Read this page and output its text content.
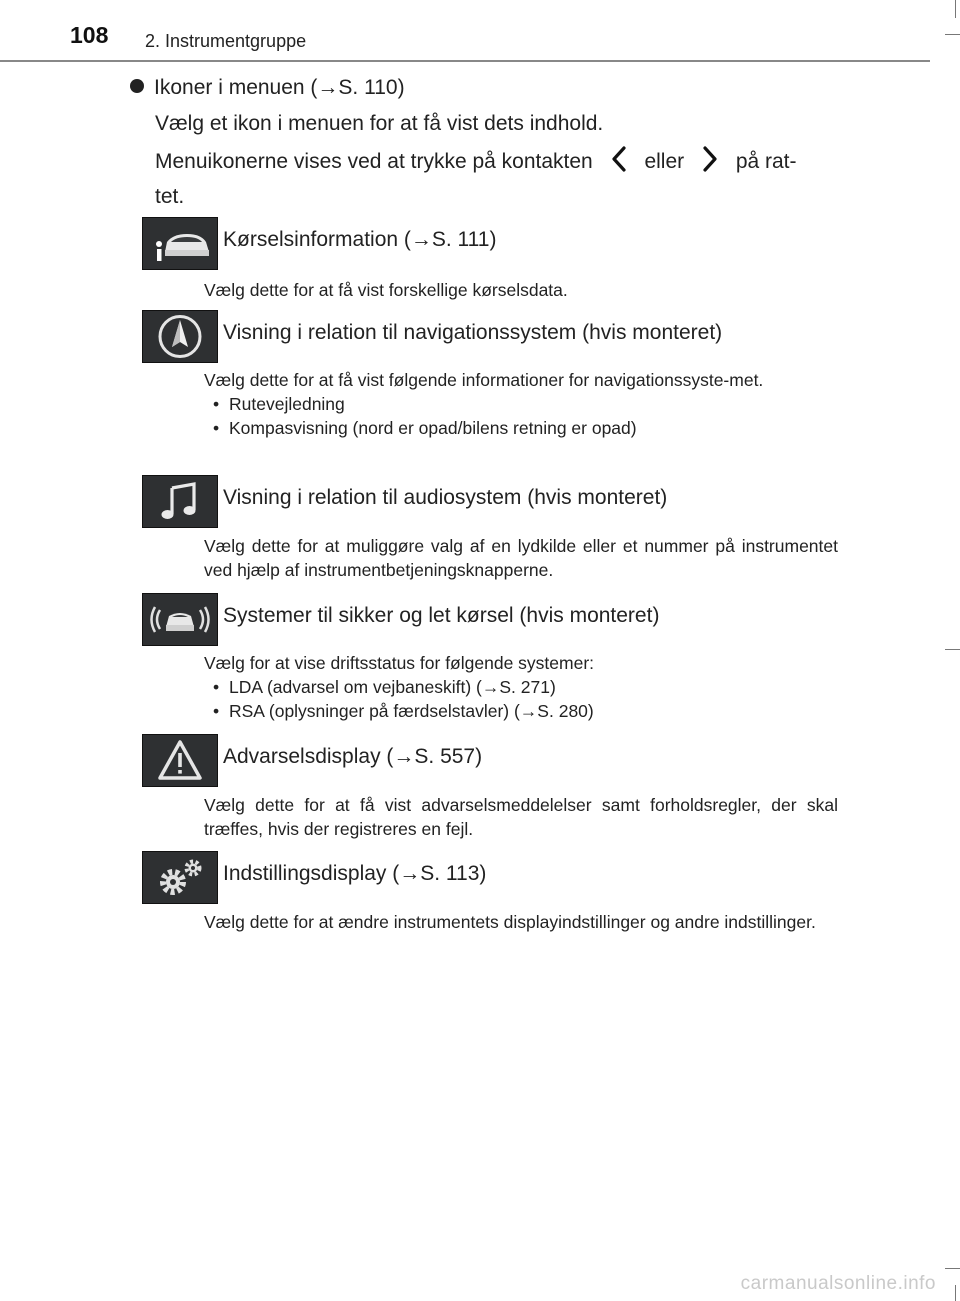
108 2. Instrumentgruppe
Ikoner i menuen (→S. 110)
Vælg et ikon i menuen for at få vist dets indhold.
Menuikonerne vises ved at trykke på kontakten eller på rat-
tet.
Kørselsinformation (→S. 111)
Vælg dette for at få vist forskellige kørselsdata.
Visning i relation til navigationssystem (hvis monteret)
Vælg dette for at få vist følgende informationer for navigationssyste-met.
• Rutevejledning
• Kompasvisning (nord er opad/bilens retning er opad)
Visning i relation til audiosystem (hvis monteret)
Vælg dette for at muliggøre valg af en lydkilde eller et nummer på instrumentet ved hjælp af instrumentbetjeningsknapperne.
Systemer til sikker og let kørsel (hvis monteret)
Vælg for at vise driftsstatus for følgende systemer:
• LDA (advarsel om vejbaneskift) (→S. 271)
• RSA (oplysninger på færdselstavler) (→S. 280)
Advarselsdisplay (→S. 557)
Vælg dette for at få vist advarselsmeddelelser samt forholdsregler, der skal træffes, hvis der registreres en fejl.
Indstillingsdisplay (→S. 113)
Vælg dette for at ændre instrumentets displayindstillinger og andre indstillinger.
carmanualsonline.info
